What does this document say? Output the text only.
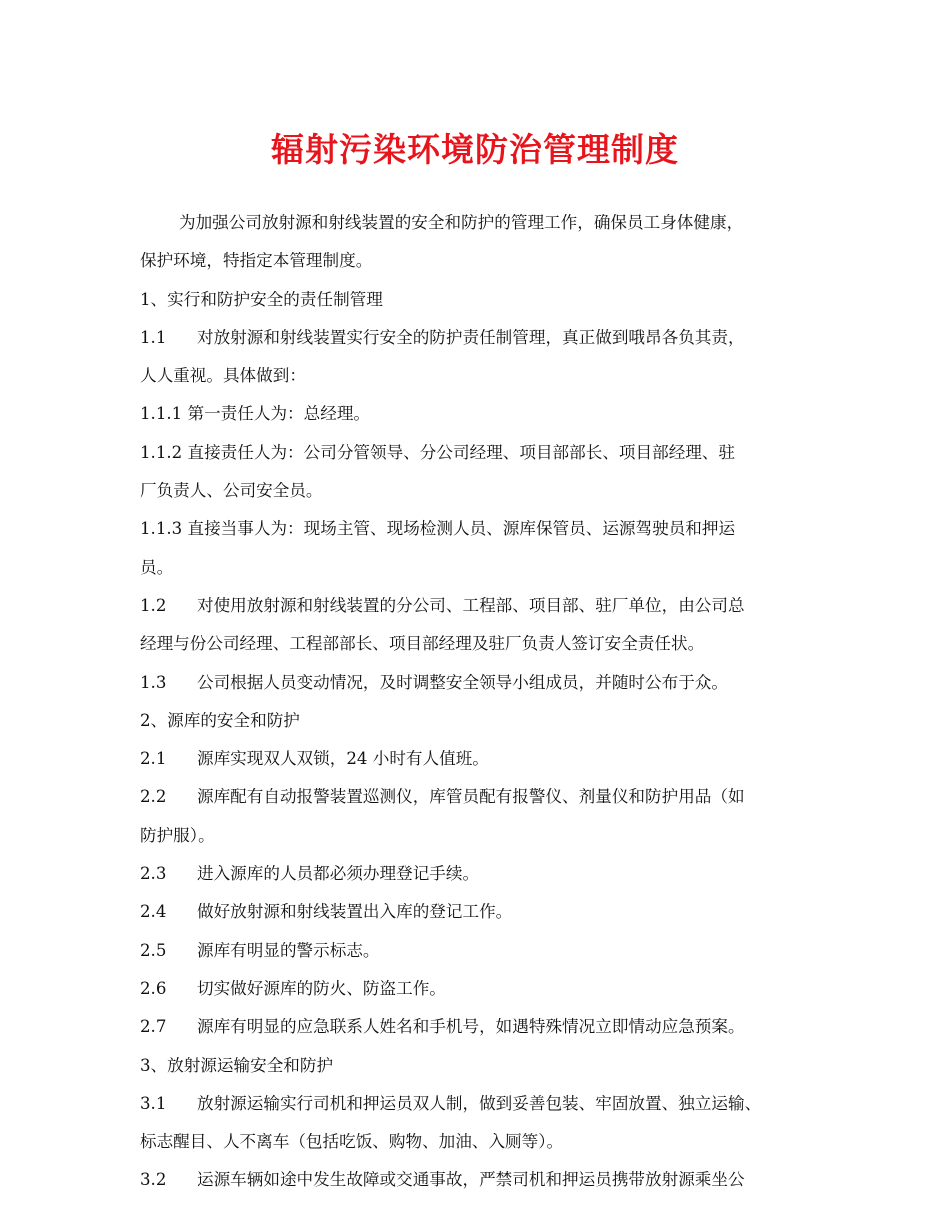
辐射污染环境防治管理制度
为加强公司放射源和射线装置的安全和防护的管理工作，确保员工身体健康，
保护环境，特指定本管理制度。
1、实行和防护安全的责任制管理
1.1 对放射源和射线装置实行安全的防护责任制管理，真正做到哦昂各负其责，
人人重视。具体做到：
1.1.1 第一责任人为：总经理。
1.1.2 直接责任人为：公司分管领导、分公司经理、项目部部长、项目部经理、驻
厂负责人、公司安全员。
1.1.3 直接当事人为：现场主管、现场检测人员、源库保管员、运源驾驶员和押运
员。
1.2 对使用放射源和射线装置的分公司、工程部、项目部、驻厂单位，由公司总
经理与份公司经理、工程部部长、项目部经理及驻厂负责人签订安全责任状。
1.3 公司根据人员变动情况，及时调整安全领导小组成员，并随时公布于众。
2、源库的安全和防护
2.1 源库实现双人双锁，24 小时有人值班。
2.2 源库配有自动报警装置巡测仪，库管员配有报警仪、剂量仪和防护用品（如
防护服）。
2.3 进入源库的人员都必须办理登记手续。
2.4 做好放射源和射线装置出入库的登记工作。
2.5 源库有明显的警示标志。
2.6 切实做好源库的防火、防盗工作。
2.7 源库有明显的应急联系人姓名和手机号，如遇特殊情况立即情动应急预案。
3、放射源运输安全和防护
3.1 放射源运输实行司机和押运员双人制，做到妥善包装、牢固放置、独立运输、
标志醒目、人不离车（包括吃饭、购物、加油、入厕等）。
3.2 运源车辆如途中发生故障或交通事故，严禁司机和押运员携带放射源乘坐公
